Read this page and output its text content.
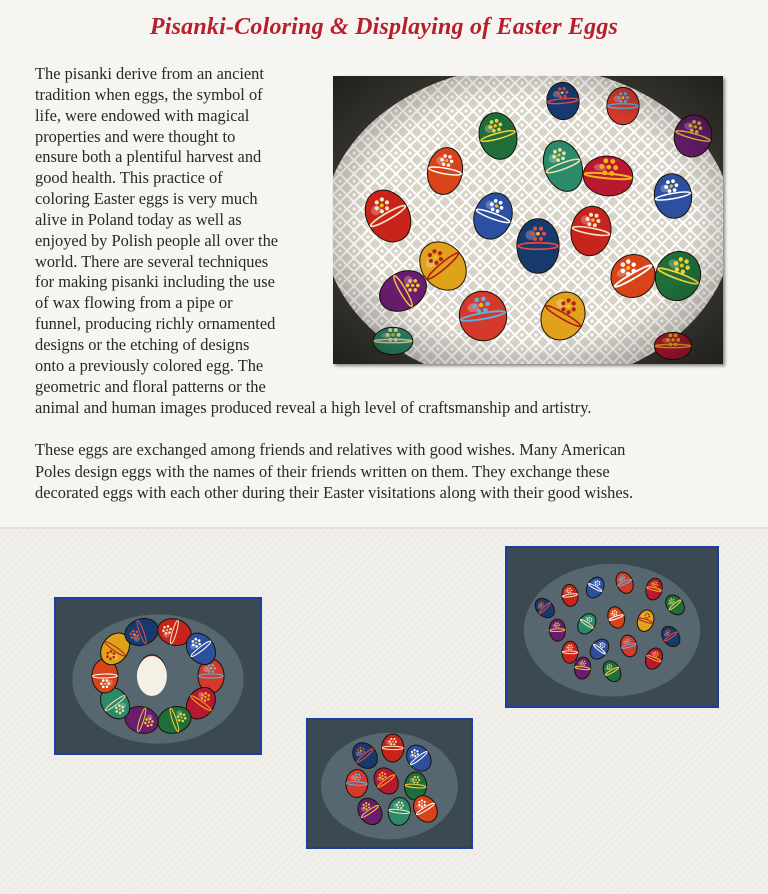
Pisanki-Coloring & Displaying of Easter Eggs
The pisanki derive from an ancient
tradition when eggs, the symbol of
life, were endowed with magical
properties and were thought to
ensure both a plentiful harvest and
good health. This practice of
coloring Easter eggs is very much
alive in Poland today as well as
enjoyed by Polish people all over the
world. There are several techniques
for making pisanki including the use
of wax flowing from a pipe or
funnel, producing richly ornamented
designs or the etching of designs
onto a previously colored egg. The
geometric and floral patterns or the
animal and human images produced reveal a high level of craftsmanship and artistry.
These eggs are exchanged among friends and relatives with good wishes. Many American
Poles design eggs with the names of their friends written on them. They exchange these
decorated eggs with each other during their Easter visitations along with their good wishes.
